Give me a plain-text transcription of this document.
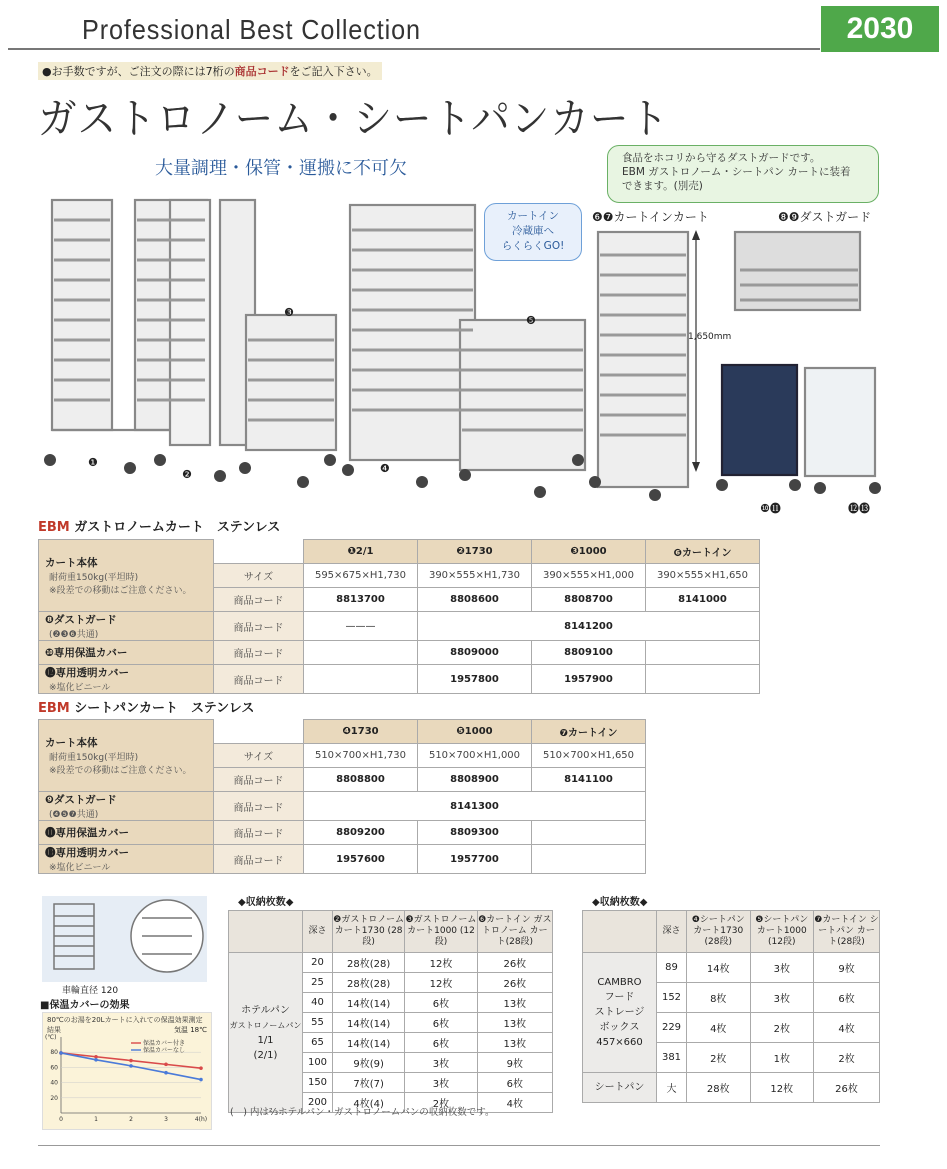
Professional Best Collection	2030
●お手数ですが、ご注文の際には7桁の商品コードをご記入下さい。
ガストロノーム・シートパンカート
大量調理・保管・運搬に不可欠	食品をホコリから守るダストガードです。
EBM ガストロノーム・シートパン カートに装着
できます。(別売)
カートイン
冷蔵庫へ
らくらくGO!
❻❼カートインカート	❽❾ダストガード
1,650mm
❶
❷
❸
❹
❺
❿⓫	⓬⓭
EBM ガストロノームカート　ステンレス
カート本体
耐荷重150kg(平坦時)
※段差での移動はご注意ください。		❶2/1	❷1730	❸1000	❻カートイン
	サイズ	595×675×H1,730	390×555×H1,730	390×555×H1,000	390×555×H1,650
	商品コード	8813700	8808600	8808700	8141000
❽ダストガード
(❷❸❻共通)	商品コード	———	8141200		
❿専用保温カバー	商品コード		8809000	8809100	
⓬専用透明カバー
※塩化ビニール	商品コード		1957800	1957900	
EBM シートパンカート　ステンレス
カート本体
耐荷重150kg(平坦時)
※段差での移動はご注意ください。		❹1730	❺1000	❼カートイン
	サイズ	510×700×H1,730	510×700×H1,000	510×700×H1,650
	商品コード	8808800	8808900	8141100
❾ダストガード
(❹❺❼共通)	商品コード	8141300		
⓫専用保温カバー	商品コード	8809200	8809300	
⓭専用透明カバー
※塩化ビニール	商品コード	1957600	1957700	
車輪直径 120
■保温カバーの効果
80℃のお湯を20Lカートに入れての保温効果測定結果	気温 18℃
20
40
60
80
(℃)
0	1	2	3	4(h)
保温カバー付き
保温カバーなし
◆収納枚数◆
	深さ	❷ガストロノーム カート1730 (28段)	❸ガストロノーム カート1000 (12段)	❻カートイン ガストロノーム カート(28段)

ホテルパン
ガストロノームパン
1/1
(2/1)	20	28枚(28)	12枚	26枚
	25	28枚(28)	12枚	26枚
	40	14枚(14)	6枚	13枚
	55	14枚(14)	6枚	13枚
	65	14枚(14)	6枚	13枚
	100	9枚(9)	3枚	9枚
	150	7枚(7)	3枚	6枚
	200	4枚(4)	2枚	4枚
◆収納枚数◆
	深さ	❹シートパン カート1730 (28段)	❺シートパン カート1000 (12段)	❼カートイン シートパン カート(28段)

CAMBRO
フード
ストレージ
ボックス
457×660	89	14枚	3枚	9枚
	152	8枚	3枚	6枚
	229	4枚	2枚	4枚
	381	2枚	1枚	2枚
シートパン	大	28枚	12枚	26枚
(　) 内は⅔ホテルパン・ガストロノームパンの収納枚数です。
